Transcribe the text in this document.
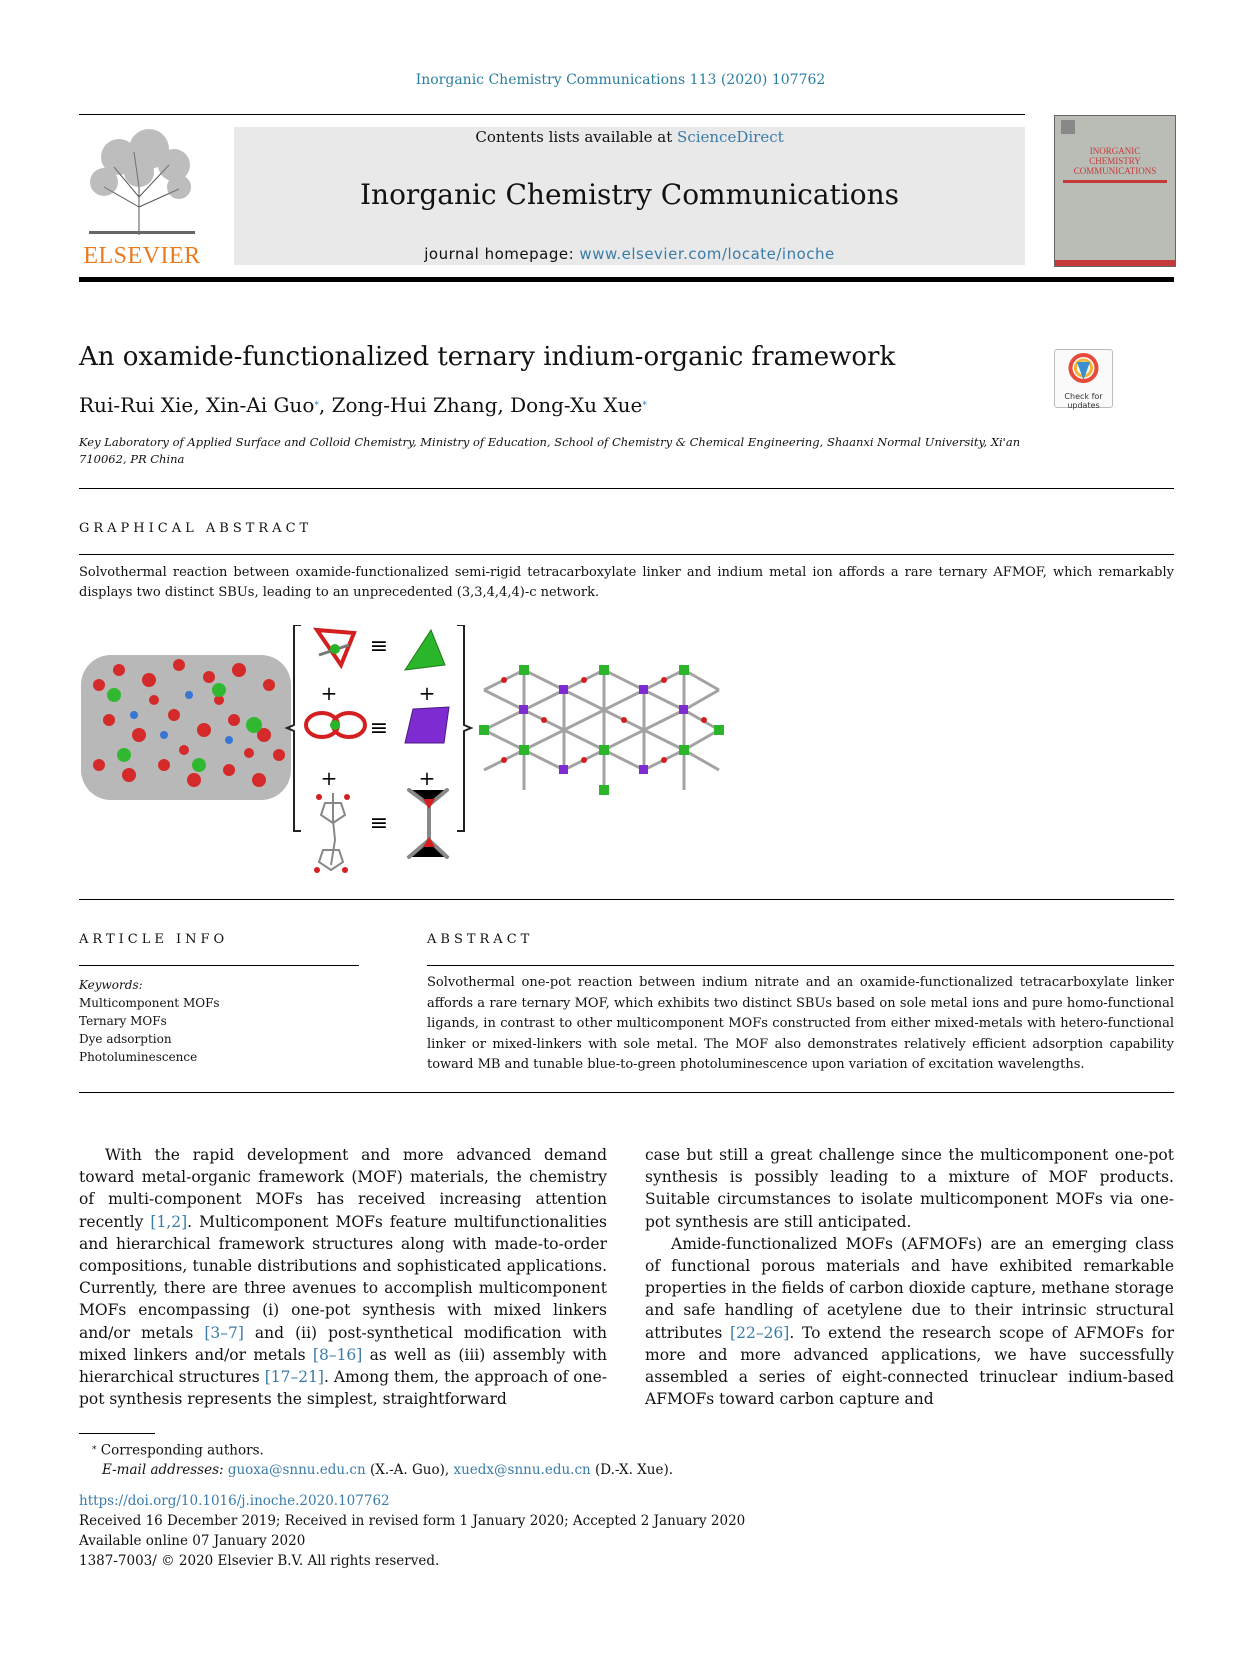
Inorganic Chemistry Communications 113 (2020) 107762
ELSEVIER
Contents lists available at ScienceDirect
Inorganic Chemistry Communications
journal homepage: www.elsevier.com/locate/inoche
INORGANIC
CHEMISTRY
COMMUNICATIONS
An oxamide-functionalized ternary indium-organic framework
Rui-Rui Xie, Xin-Ai Guo⁎, Zong-Hui Zhang, Dong-Xu Xue⁎
Check for
updates
Key Laboratory of Applied Surface and Colloid Chemistry, Ministry of Education, School of Chemistry & Chemical Engineering, Shaanxi Normal University, Xi'an 710062, PR China
GRAPHICAL ABSTRACT
Solvothermal reaction between oxamide-functionalized semi-rigid tetracarboxylate linker and indium metal ion affords a rare ternary AFMOF, which remarkably displays two distinct SBUs, leading to an unprecedented (3,3,4,4,4)-c network.
≡
+	+
≡
+	+
≡
ARTICLE INFO
Keywords:
Multicomponent MOFs
Ternary MOFs
Dye adsorption
Photoluminescence
ABSTRACT
Solvothermal one-pot reaction between indium nitrate and an oxamide-functionalized tetracarboxylate linker affords a rare ternary MOF, which exhibits two distinct SBUs based on sole metal ions and pure homo-functional ligands, in contrast to other multicomponent MOFs constructed from either mixed-metals with hetero-functional linker or mixed-linkers with sole metal. The MOF also demonstrates relatively efficient adsorption capability toward MB and tunable blue-to-green photoluminescence upon variation of excitation wavelengths.
With the rapid development and more advanced demand toward metal-organic framework (MOF) materials, the chemistry of multi-component MOFs has received increasing attention recently [1,2]. Multicomponent MOFs feature multifunctionalities and hierarchical framework structures along with made-to-order compositions, tunable distributions and sophisticated applications. Currently, there are three avenues to accomplish multicomponent MOFs encompassing (i) one-pot synthesis with mixed linkers and/or metals [3–7] and (ii) post-synthetical modification with mixed linkers and/or metals [8–16] as well as (iii) assembly with hierarchical structures [17–21]. Among them, the approach of one-pot synthesis represents the simplest, straightforward
case but still a great challenge since the multicomponent one-pot synthesis is possibly leading to a mixture of MOF products. Suitable circumstances to isolate multicomponent MOFs via one-pot synthesis are still anticipated.
Amide-functionalized MOFs (AFMOFs) are an emerging class of functional porous materials and have exhibited remarkable properties in the fields of carbon dioxide capture, methane storage and safe handling of acetylene due to their intrinsic structural attributes [22–26]. To extend the research scope of AFMOFs for more and more advanced applications, we have successfully assembled a series of eight-connected trinuclear indium-based AFMOFs toward carbon capture and
⁎ Corresponding authors.
E-mail addresses: guoxa@snnu.edu.cn (X.-A. Guo), xuedx@snnu.edu.cn (D.-X. Xue).
https://doi.org/10.1016/j.inoche.2020.107762
Received 16 December 2019; Received in revised form 1 January 2020; Accepted 2 January 2020
Available online 07 January 2020
1387-7003/ © 2020 Elsevier B.V. All rights reserved.
